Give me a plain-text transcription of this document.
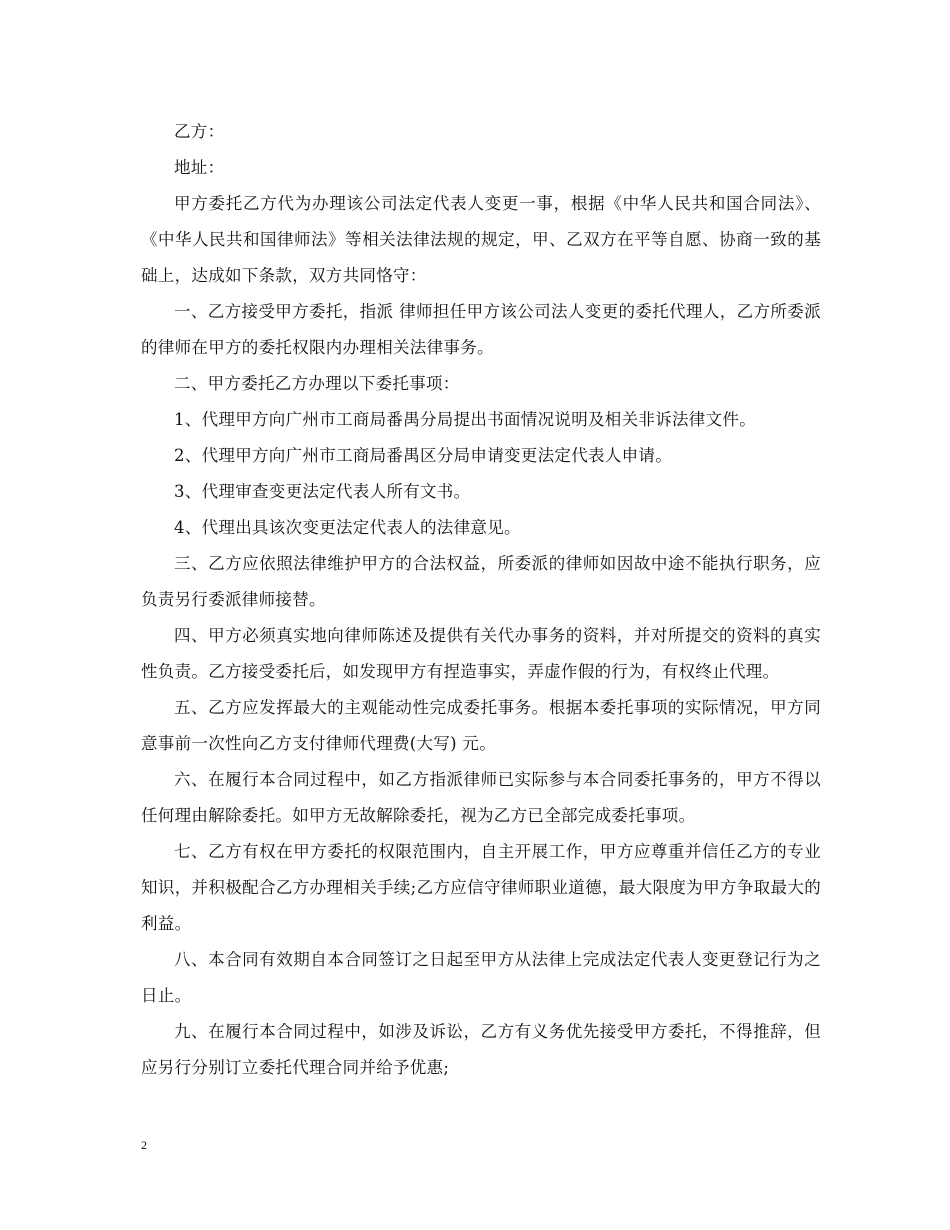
乙方：

地址：

甲方委托乙方代为办理该公司法定代表人变更一事，根据《中华人民共和国合同法》、《中华人民共和国律师法》等相关法律法规的规定，甲、乙双方在平等自愿、协商一致的基础上，达成如下条款，双方共同恪守：

一、乙方接受甲方委托，指派 律师担任甲方该公司法人变更的委托代理人，乙方所委派的律师在甲方的委托权限内办理相关法律事务。

二、甲方委托乙方办理以下委托事项：

1、代理甲方向广州市工商局番禺分局提出书面情况说明及相关非诉法律文件。

2、代理甲方向广州市工商局番禺区分局申请变更法定代表人申请。

3、代理审查变更法定代表人所有文书。

4、代理出具该次变更法定代表人的法律意见。

三、乙方应依照法律维护甲方的合法权益，所委派的律师如因故中途不能执行职务，应负责另行委派律师接替。

四、甲方必须真实地向律师陈述及提供有关代办事务的资料，并对所提交的资料的真实性负责。乙方接受委托后，如发现甲方有捏造事实，弄虚作假的行为，有权终止代理。

五、乙方应发挥最大的主观能动性完成委托事务。根据本委托事项的实际情况，甲方同意事前一次性向乙方支付律师代理费(大写) 元。

六、在履行本合同过程中，如乙方指派律师已实际参与本合同委托事务的，甲方不得以任何理由解除委托。如甲方无故解除委托，视为乙方已全部完成委托事项。

七、乙方有权在甲方委托的权限范围内，自主开展工作，甲方应尊重并信任乙方的专业知识，并积极配合乙方办理相关手续;乙方应信守律师职业道德，最大限度为甲方争取最大的利益。

八、本合同有效期自本合同签订之日起至甲方从法律上完成法定代表人变更登记行为之日止。

九、在履行本合同过程中，如涉及诉讼，乙方有义务优先接受甲方委托，不得推辞，但应另行分别订立委托代理合同并给予优惠;

2
